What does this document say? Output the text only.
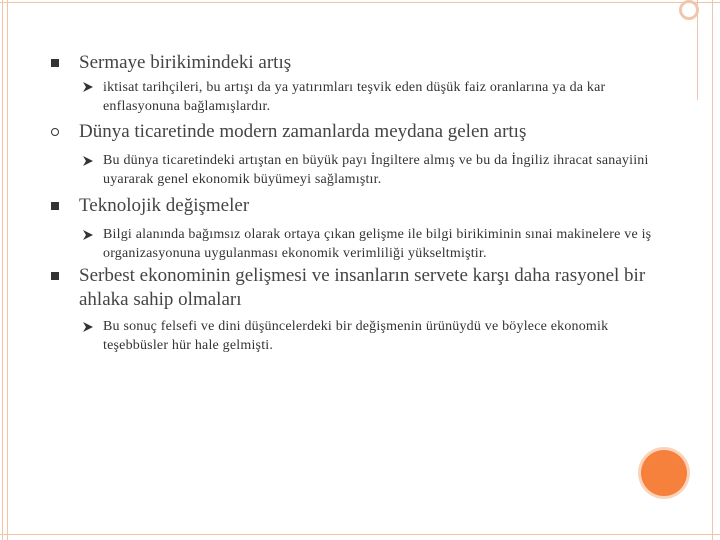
Sermaye birikimindeki artış
iktisat tarihçileri, bu artışı da ya yatırımları teşvik eden düşük faiz oranlarına ya da kar enflasyonuna bağlamışlardır.
Dünya ticaretinde modern zamanlarda meydana gelen artış
Bu dünya ticaretindeki artıştan en büyük payı İngiltere almış ve bu da İngiliz ihracat sanayiini uyararak genel ekonomik büyümeyi sağlamıştır.
Teknolojik değişmeler
Bilgi alanında bağımsız olarak ortaya çıkan gelişme ile bilgi birikiminin sınai makinelere ve iş organizasyonuna uygulanması ekonomik verimliliği yükseltmiştir.
Serbest ekonominin gelişmesi ve insanların servete karşı daha rasyonel bir ahlaka sahip olmaları
Bu sonuç felsefi ve dini düşüncelerdeki bir değişmenin ürünüydü ve böylece ekonomik teşebbüsler hür hale gelmişti.
